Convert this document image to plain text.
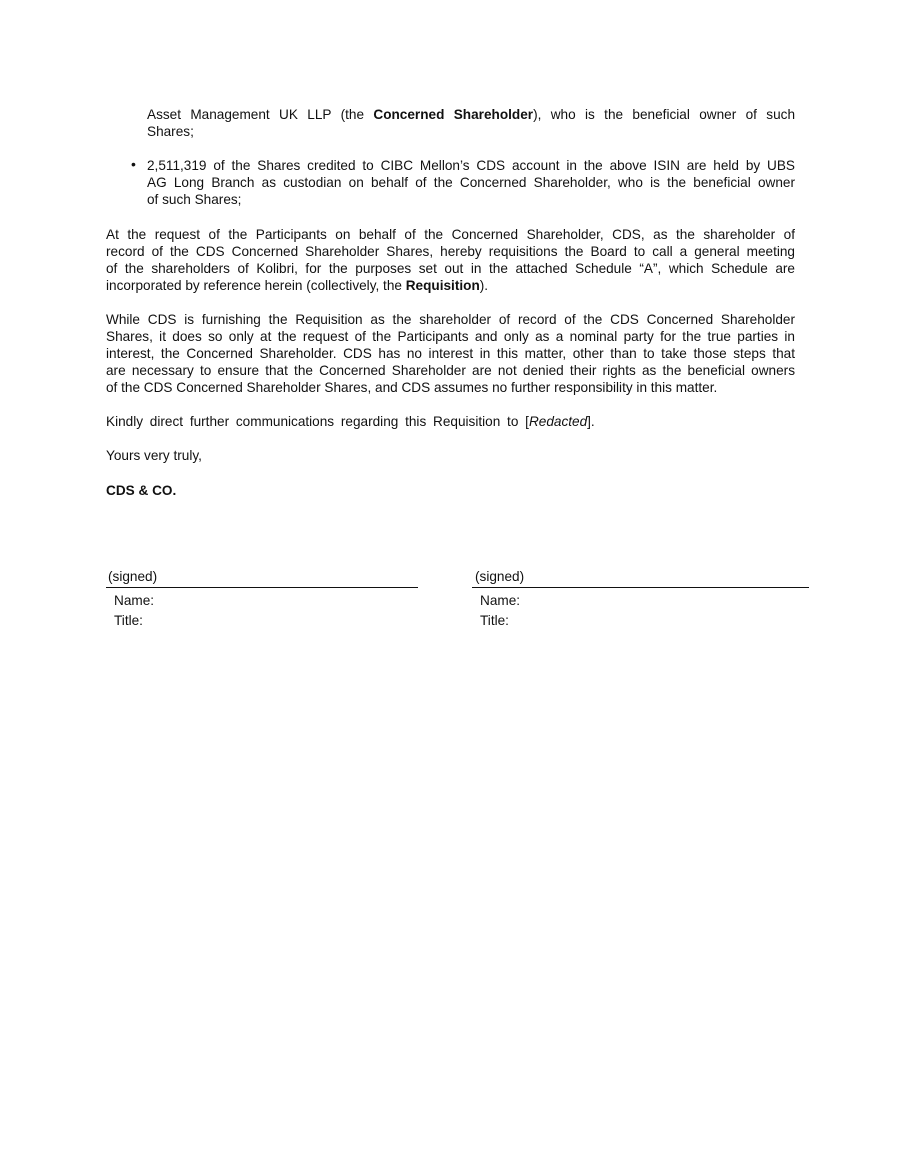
Asset Management UK LLP (the Concerned Shareholder), who is the beneficial owner of such
Shares;
• 2,511,319 of the Shares credited to CIBC Mellon’s CDS account in the above ISIN are held by UBS
AG Long Branch as custodian on behalf of the Concerned Shareholder, who is the beneficial owner
of such Shares;
At the request of the Participants on behalf of the Concerned Shareholder, CDS, as the shareholder of
record of the CDS Concerned Shareholder Shares, hereby requisitions the Board to call a general meeting
of the shareholders of Kolibri, for the purposes set out in the attached Schedule “A”, which Schedule are
incorporated by reference herein (collectively, the Requisition).
While CDS is furnishing the Requisition as the shareholder of record of the CDS Concerned Shareholder
Shares, it does so only at the request of the Participants and only as a nominal party for the true parties in
interest, the Concerned Shareholder. CDS has no interest in this matter, other than to take those steps that
are necessary to ensure that the Concerned Shareholder are not denied their rights as the beneficial owners
of the CDS Concerned Shareholder Shares, and CDS assumes no further responsibility in this matter.
Kindly direct further communications regarding this Requisition to [Redacted].
Yours very truly,
CDS & CO.
(signed)
Name:
Title:
(signed)
Name:
Title:
